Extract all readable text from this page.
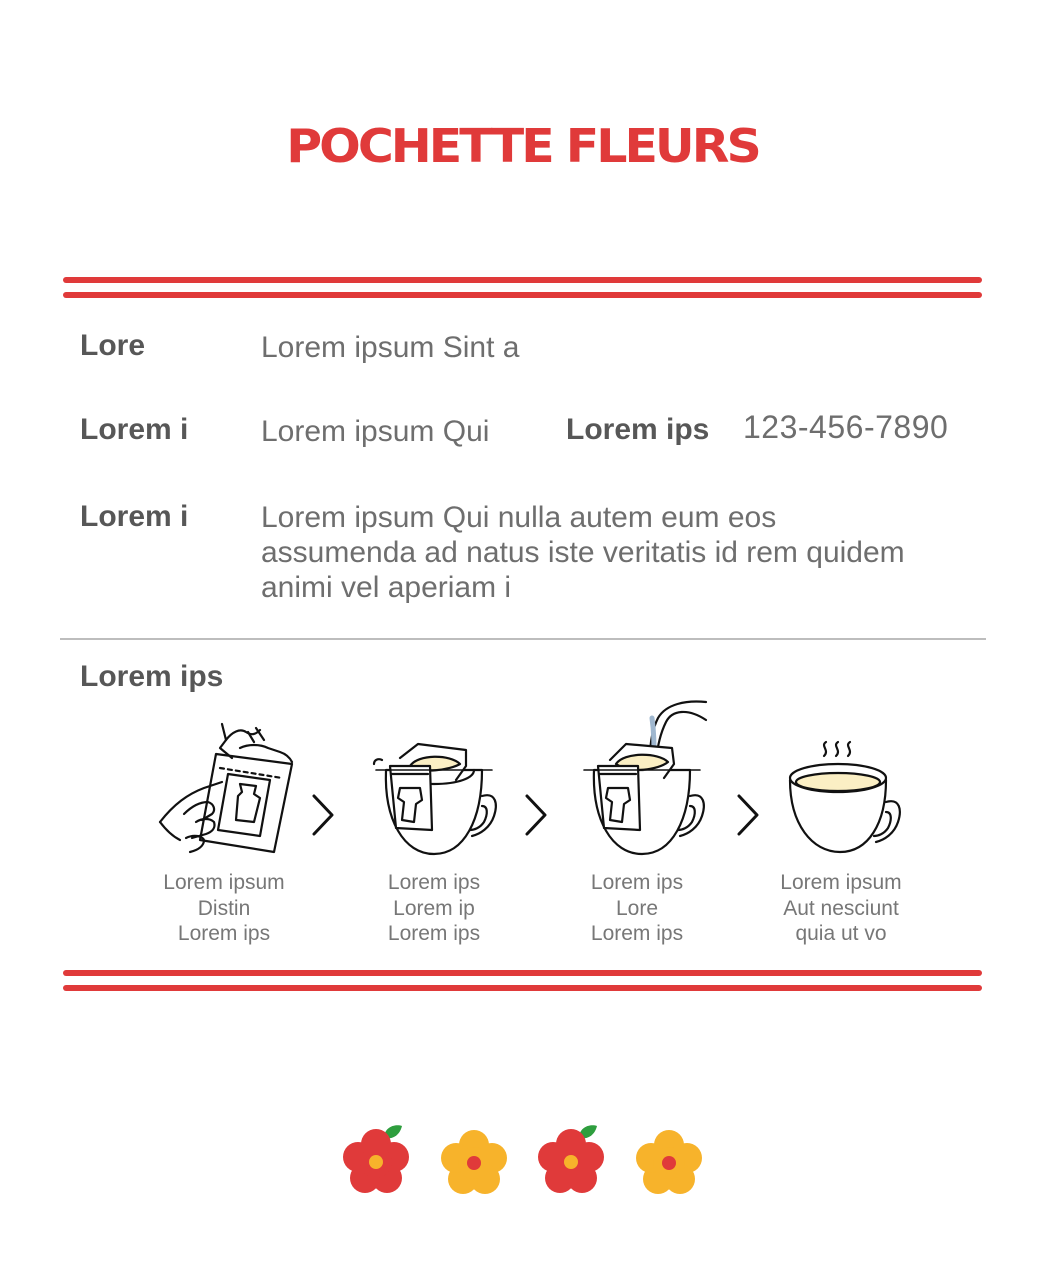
POCHETTE FLEURS
Lore	Lorem ipsum Sint a
Lorem i Lorem ipsum Qui	Lorem ips 123-456-7890
Lorem i Lorem ipsum Qui nulla autem eum eos
assumenda ad natus iste veritatis id rem quidem
animi vel aperiam i
Lorem ips
Lorem ipsum
Distin
Lorem ips
Lorem ips
Lorem ip
Lorem ips
Lorem ips
Lore
Lorem ips
Lorem ipsum
Aut nesciunt
quia ut vo
